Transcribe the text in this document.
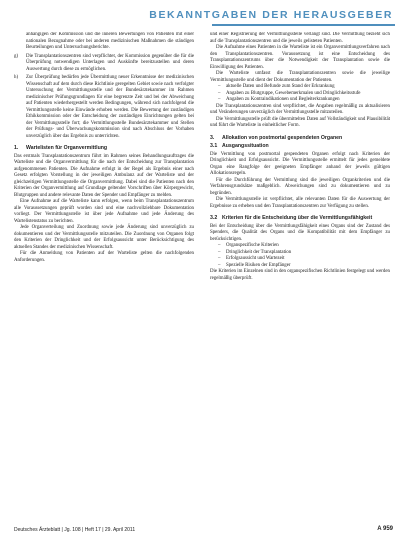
BEKANNTGABEN DER HERAUSGEBER
anhängigen der Kommission und die inneren Bewertungen von Patienten mit einer nationalen Bezugnahme oder bei anderen medizinischen Maßnahmen die ständigen Beurteilungen und Untersuchungsberichte.
g)	Die Transplantationszentren sind verpflichtet, der Kommission gegenüber die für die Überprüfung notwendigen Unterlagen und Auskünfte bereitzustellen und deren Auswertung durch diese zu ermöglichen.
h)	Zur Überprüfung bedürfen jede Übermittlung neuer Erkenntnisse der medizinischen Wissenschaft auf dem durch diese Richtlinie geregelten Gebiet sowie nach verfolgter Untersuchung der Vermittlungsstelle und der Bundesärztekammer im Rahmen medizinischer Prüfungsgrundlagen für eine begrenzte Zeit und bei der Abweichung auf Patienten wiederhergestellt werden Bedingungen, während sich nachfolgend die Vermittlungsstelle keine Einwände erhoben werden. Die Bewertung der zuständigen Ethikkommission oder der Entscheidung der zuständigen Einrichtungen gelten bei der Vermittlungsstelle fort; die Vermittlungsstelle Bundesärztekammer und Stellen der Prüfungs- und Überwachungskommission sind nach Abschluss der Vorhaben unverzüglich über das Ergebnis zu unterrichten.
1.	Wartelisten für Organvermittlung

Das erstmals Transplantationszentrum führt im Rahmen seines Behandlungsauftrages die Warteliste und die Organvermittlung für die nach der Entscheidung zur Transplantation aufgenommenen Patienten. Die Aufnahme erfolgt in der Regel als Ergebnis einer nach Gesetz erfolgten Vorstellung in der jeweiligen Ambulanz auf der Warteliste und der gleichzeitigen Vermittlungsstelle die Organvermittlung. Dabei sind die Patienten nach den Kriterien der Organvermittlung auf Grundlage geltender Vorschriften über Körpergewicht, Blutgruppen und andere relevante Daten der Spender und Empfänger zu melden.

Eine Aufnahme auf die Warteliste kann erfolgen, wenn beim Transplantationszentrum alle Voraussetzungen geprüft worden sind und eine nachvollziehbare Dokumentation vorliegt. Der Vermittlungsstelle ist über jede Aufnahme und jede Änderung des Wartelistenstatus zu berichten.

Jede Organverteilung und Zuordnung sowie jede Änderung sind unverzüglich zu dokumentieren und der Vermittlungsstelle mitzuteilen. Die Zuordnung von Organen folgt den Kriterien der Dringlichkeit und der Erfolgsaussicht unter Berücksichtigung des aktuellen Standes der medizinischen Wissenschaft.

Für die Anmeldung von Patienten auf der Warteliste gelten die nachfolgenden Anforderungen.

und einer Registrierung der Vermittlungsstelle verlangt sind. Die Vermittlung bezieht sich auf die Transplantationszentren und die jeweils gelisteten Patienten.

Die Aufnahme eines Patienten in die Warteliste ist ein Organvermittlungsverfahren nach den Transplantationszentren. Voraussetzung ist eine Entscheidung des Transplantationszentrums über die Notwendigkeit der Transplantation sowie die Einwilligung des Patienten.

Die Warteliste umfasst die Transplantationszentren sowie die jeweilige Vermittlungsstelle und dient der Dokumentation der Patienten.

–	aktuelle Daten und Befunde zum Stand der Erkrankung
–	Angaben zu Blutgruppe, Gewebemerkmalen und Dringlichkeitsstufe
–	Angaben zu Kontraindikationen und Begleiterkrankungen

Die Transplantationszentren sind verpflichtet, die Angaben regelmäßig zu aktualisieren und Veränderungen unverzüglich der Vermittlungsstelle mitzuteilen.

Die Vermittlungsstelle prüft die übermittelten Daten auf Vollständigkeit und Plausibilität und führt die Warteliste in einheitlicher Form.

3.	Allokation von postmortal gespendeten Organen
3.1 Ausgangssituation

Die Vermittlung von postmortal gespendeten Organen erfolgt nach Kriterien der Dringlichkeit und Erfolgsaussicht. Die Vermittlungsstelle ermittelt für jedes gemeldete Organ eine Rangfolge der geeigneten Empfänger anhand der jeweils gültigen Allokationsregeln.

Für die Durchführung der Vermittlung sind die jeweiligen Organkriterien und die Verfahrensgrundsätze maßgeblich. Abweichungen sind zu dokumentieren und zu begründen.

Die Vermittlungsstelle ist verpflichtet, alle relevanten Daten für die Auswertung der Ergebnisse zu erheben und den Transplantationszentren zur Verfügung zu stellen.

3.2 Kriterien für die Entscheidung über die Vermittlungsfähigkeit

Bei der Entscheidung über die Vermittlungsfähigkeit eines Organs sind der Zustand des Spenders, die Qualität des Organs und die Kompatibilität mit dem Empfänger zu berücksichtigen.

–	Organspezifische Kriterien
–	Dringlichkeit der Transplantation
–	Erfolgsaussicht und Wartezeit
–	Spezielle Risiken der Empfänger

Die Kriterien im Einzelnen sind in den organspezifischen Richtlinien festgelegt und werden regelmäßig überprüft.

Deutsches Ärzteblatt | Jg. 108 | Heft 17 | 29. April 2011	A 959
